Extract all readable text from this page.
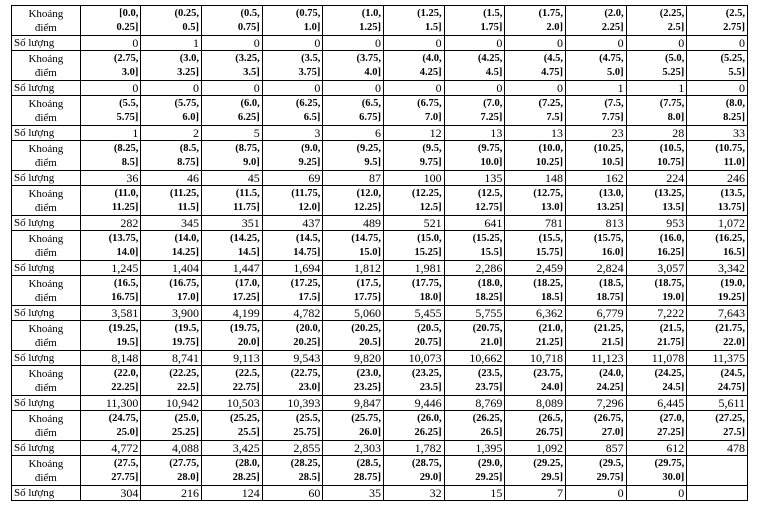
Khoảng
điểm	[0.0,
0.25]	(0.25,
0.5]	(0.5,
0.75]	(0.75,
1.0]	(1.0,
1.25]	(1.25,
1.5]	(1.5,
1.75]	(1.75,
2.0]	(2.0,
2.25]	(2.25,
2.5]	(2.5,
2.75]
Số lượng	0	1	0	0	0	0	0	0	0	0	0
Khoảng
điểm	(2.75,
3.0]	(3.0,
3.25]	(3.25,
3.5]	(3.5,
3.75]	(3.75,
4.0]	(4.0,
4.25]	(4.25,
4.5]	(4.5,
4.75]	(4.75,
5.0]	(5.0,
5.25]	(5.25,
5.5]
Số lượng	0	0	0	0	0	0	0	0	1	1	0
Khoảng
điểm	(5.5,
5.75]	(5.75,
6.0]	(6.0,
6.25]	(6.25,
6.5]	(6.5,
6.75]	(6.75,
7.0]	(7.0,
7.25]	(7.25,
7.5]	(7.5,
7.75]	(7.75,
8.0]	(8.0,
8.25]
Số lượng	1	2	5	3	6	12	13	13	23	28	33
Khoảng
điểm	(8.25,
8.5]	(8.5,
8.75]	(8.75,
9.0]	(9.0,
9.25]	(9.25,
9.5]	(9.5,
9.75]	(9.75,
10.0]	(10.0,
10.25]	(10.25,
10.5]	(10.5,
10.75]	(10.75,
11.0]
Số lượng	36	46	45	69	87	100	135	148	162	224	246
Khoảng
điểm	(11.0,
11.25]	(11.25,
11.5]	(11.5,
11.75]	(11.75,
12.0]	(12.0,
12.25]	(12.25,
12.5]	(12.5,
12.75]	(12.75,
13.0]	(13.0,
13.25]	(13.25,
13.5]	(13.5,
13.75]
Số lượng	282	345	351	437	489	521	641	781	813	953	1,072
Khoảng
điểm	(13.75,
14.0]	(14.0,
14.25]	(14.25,
14.5]	(14.5,
14.75]	(14.75,
15.0]	(15.0,
15.25]	(15.25,
15.5]	(15.5,
15.75]	(15.75,
16.0]	(16.0,
16.25]	(16.25,
16.5]
Số lượng	1,245	1,404	1,447	1,694	1,812	1,981	2,286	2,459	2,824	3,057	3,342
Khoảng
điểm	(16.5,
16.75]	(16.75,
17.0]	(17.0,
17.25]	(17.25,
17.5]	(17.5,
17.75]	(17.75,
18.0]	(18.0,
18.25]	(18.25,
18.5]	(18.5,
18.75]	(18.75,
19.0]	(19.0,
19.25]
Số lượng	3,581	3,900	4,199	4,782	5,060	5,455	5,755	6,362	6,779	7,222	7,643
Khoảng
điểm	(19.25,
19.5]	(19.5,
19.75]	(19.75,
20.0]	(20.0,
20.25]	(20.25,
20.5]	(20.5,
20.75]	(20.75,
21.0]	(21.0,
21.25]	(21.25,
21.5]	(21.5,
21.75]	(21.75,
22.0]
Số lượng	8,148	8,741	9,113	9,543	9,820	10,073	10,662	10,718	11,123	11,078	11,375
Khoảng
điểm	(22.0,
22.25]	(22.25,
22.5]	(22.5,
22.75]	(22.75,
23.0]	(23.0,
23.25]	(23.25,
23.5]	(23.5,
23.75]	(23.75,
24.0]	(24.0,
24.25]	(24.25,
24.5]	(24.5,
24.75]
Số lượng	11,300	10,942	10,503	10,393	9,847	9,446	8,769	8,089	7,296	6,445	5,611
Khoảng
điểm	(24.75,
25.0]	(25.0,
25.25]	(25.25,
25.5]	(25.5,
25.75]	(25.75,
26.0]	(26.0,
26.25]	(26.25,
26.5]	(26.5,
26.75]	(26.75,
27.0]	(27.0,
27.25]	(27.25,
27.5]
Số lượng	4,772	4,088	3,425	2,855	2,303	1,782	1,395	1,092	857	612	478
Khoảng
điểm	(27.5,
27.75]	(27.75,
28.0]	(28.0,
28.25]	(28.25,
28.5]	(28.5,
28.75]	(28.75,
29.0]	(29.0,
29.25]	(29.25,
29.5]	(29.5,
29.75]	(29.75,
30.0]	
Số lượng	304	216	124	60	35	32	15	7	0	0	
